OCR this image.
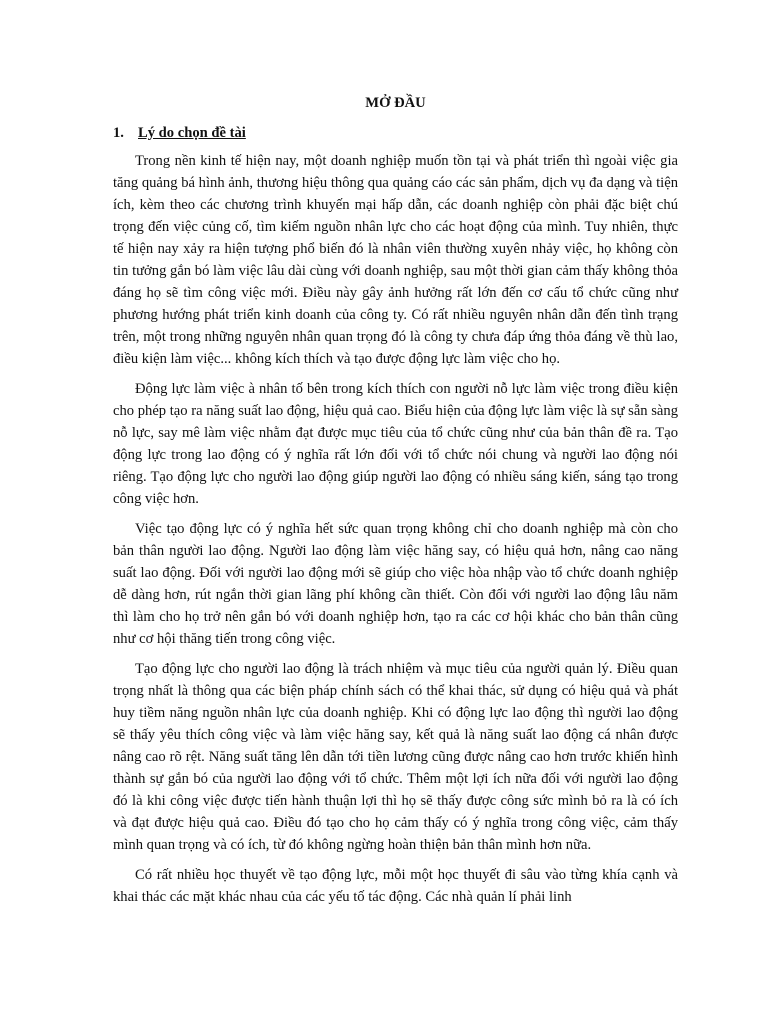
MỞ ĐẦU
1. Lý do chọn đề tài

Trong nền kinh tế hiện nay, một doanh nghiệp muốn tồn tại và phát triển thì ngoài việc gia tăng quảng bá hình ảnh, thương hiệu thông qua quảng cáo các sản phẩm, dịch vụ đa dạng và tiện ích, kèm theo các chương trình khuyến mại hấp dẫn, các doanh nghiệp còn phải đặc biệt chú trọng đến việc củng cố, tìm kiếm nguồn nhân lực cho các hoạt động của mình. Tuy nhiên, thực tế hiện nay xảy ra hiện tượng phổ biến đó là nhân viên thường xuyên nhảy việc, họ không còn tin tưởng gắn bó làm việc lâu dài cùng với doanh nghiệp, sau một thời gian cảm thấy không thỏa đáng họ sẽ tìm công việc mới. Điều này gây ảnh hưởng rất lớn đến cơ cấu tổ chức cũng như phương hướng phát triển kinh doanh của công ty. Có rất nhiều nguyên nhân dẫn đến tình trạng trên, một trong những nguyên nhân quan trọng đó là công ty chưa đáp ứng thỏa đáng về thù lao, điều kiện làm việc... không kích thích và tạo được động lực làm việc cho họ.

Động lực làm việc à nhân tố bên trong kích thích con người nỗ lực làm việc trong điều kiện cho phép tạo ra năng suất lao động, hiệu quả cao. Biểu hiện của động lực làm việc là sự sẵn sàng nỗ lực, say mê làm việc nhằm đạt được mục tiêu của tổ chức cũng như của bản thân đề ra. Tạo động lực trong lao động có ý nghĩa rất lớn đối với tổ chức nói chung và người lao động nói riêng. Tạo động lực cho người lao động giúp người lao động có nhiều sáng kiến, sáng tạo trong công việc hơn.

Việc tạo động lực có ý nghĩa hết sức quan trọng không chỉ cho doanh nghiệp mà còn cho bản thân người lao động. Người lao động làm việc hăng say, có hiệu quả hơn, nâng cao năng suất lao động. Đối với người lao động mới sẽ giúp cho việc hòa nhập vào tổ chức doanh nghiệp dễ dàng hơn, rút ngắn thời gian lãng phí không cần thiết. Còn đối với người lao động lâu năm thì làm cho họ trở nên gắn bó với doanh nghiệp hơn, tạo ra các cơ hội khác cho bản thân cũng như cơ hội thăng tiến trong công việc.

Tạo động lực cho người lao động là trách nhiệm và mục tiêu của người quản lý. Điều quan trọng nhất là thông qua các biện pháp chính sách có thể khai thác, sử dụng có hiệu quả và phát huy tiềm năng nguồn nhân lực của doanh nghiệp. Khi có động lực lao động thì người lao động sẽ thấy yêu thích công việc và làm việc hăng say, kết quả là năng suất lao động cá nhân được nâng cao rõ rệt. Năng suất tăng lên dẫn tới tiền lương cũng được nâng cao hơn trước khiến hình thành sự gắn bó của người lao động với tổ chức. Thêm một lợi ích nữa đối với người lao động đó là khi công việc được tiến hành thuận lợi thì họ sẽ thấy được công sức mình bỏ ra là có ích và đạt được hiệu quả cao. Điều đó tạo cho họ cảm thấy có ý nghĩa trong công việc, cảm thấy mình quan trọng và có ích, từ đó không ngừng hoàn thiện bản thân mình hơn nữa.

Có rất nhiều học thuyết về tạo động lực, mỗi một học thuyết đi sâu vào từng khía cạnh và khai thác các mặt khác nhau của các yếu tố tác động. Các nhà quản lí phải linh
